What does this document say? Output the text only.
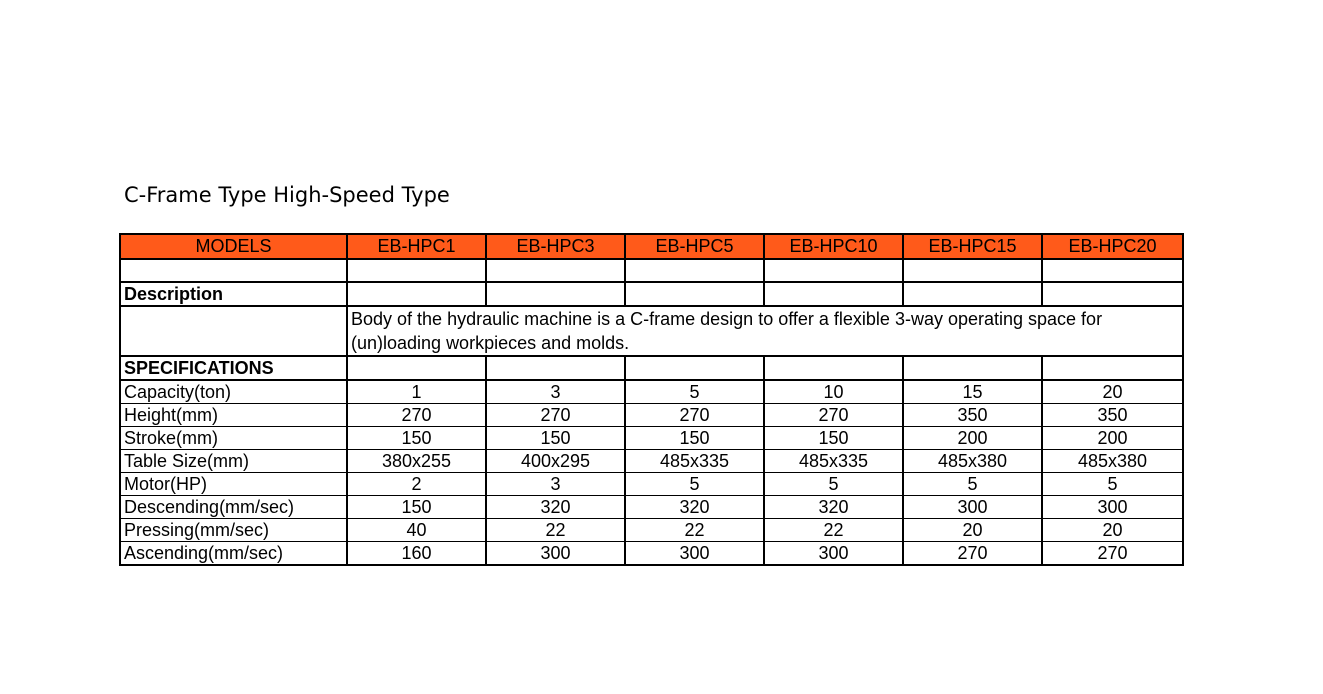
C-Frame Type High-Speed Type
MODELS	EB-HPC1	EB-HPC3	EB-HPC5	EB-HPC10	EB-HPC15	EB-HPC20

Description						
	Body of the hydraulic machine is a C-frame design to offer a flexible 3-way operating space for (un)loading workpieces and molds.					
SPECIFICATIONS						
Capacity(ton)	1	3	5	10	15	20
Height(mm)	270	270	270	270	350	350
Stroke(mm)	150	150	150	150	200	200
Table Size(mm)	380x255	400x295	485x335	485x335	485x380	485x380
Motor(HP)	2	3	5	5	5	5
Descending(mm/sec)	150	320	320	320	300	300
Pressing(mm/sec)	40	22	22	22	20	20
Ascending(mm/sec)	160	300	300	300	270	270
